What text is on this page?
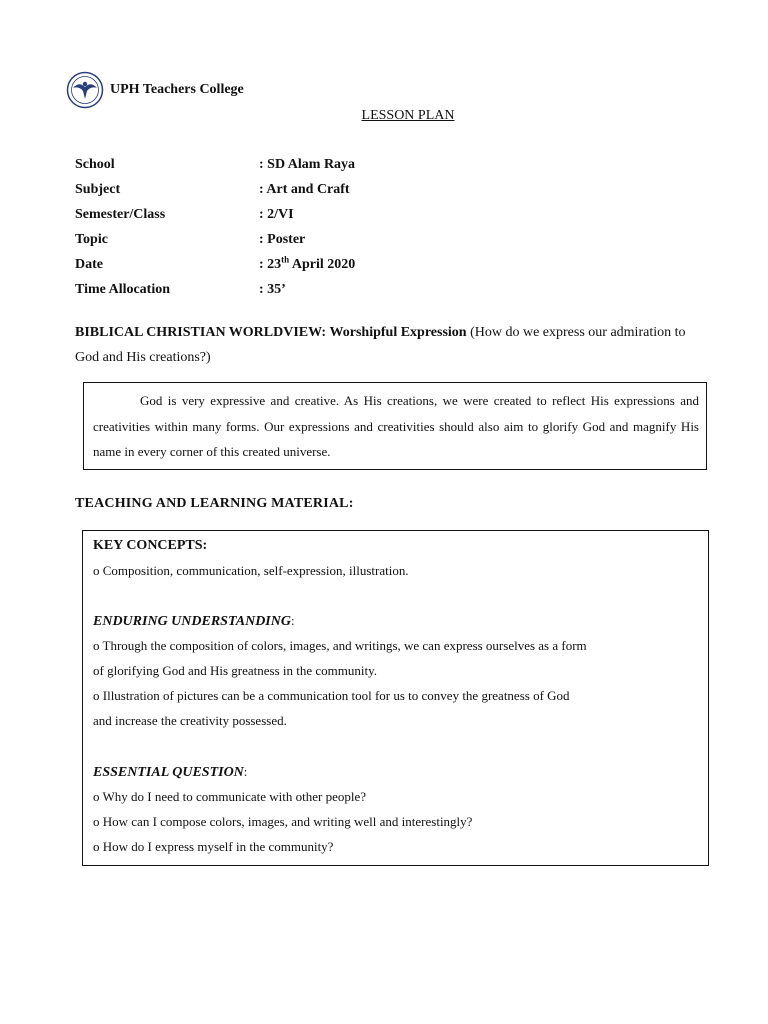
UPH Teachers College
LESSON PLAN
School	: SD Alam Raya
Subject	: Art and Craft
Semester/Class	: 2/VI
Topic	: Poster
Date	: 23th April 2020
Time Allocation	: 35’
BIBLICAL CHRISTIAN WORLDVIEW: Worshipful Expression (How do we express our admiration to God and His creations?)

God is very expressive and creative. As His creations, we were created to reflect His expressions and creativities within many forms. Our expressions and creativities should also aim to glorify God and magnify His name in every corner of this created universe.

TEACHING AND LEARNING MATERIAL:
KEY CONCEPTS:
o Composition, communication, self-expression, illustration.
ENDURING UNDERSTANDING:
o Through the composition of colors, images, and writings, we can express ourselves as a form
of glorifying God and His greatness in the community.
o Illustration of pictures can be a communication tool for us to convey the greatness of God
and increase the creativity possessed.
ESSENTIAL QUESTION:
o Why do I need to communicate with other people?
o How can I compose colors, images, and writing well and interestingly?
o How do I express myself in the community?
